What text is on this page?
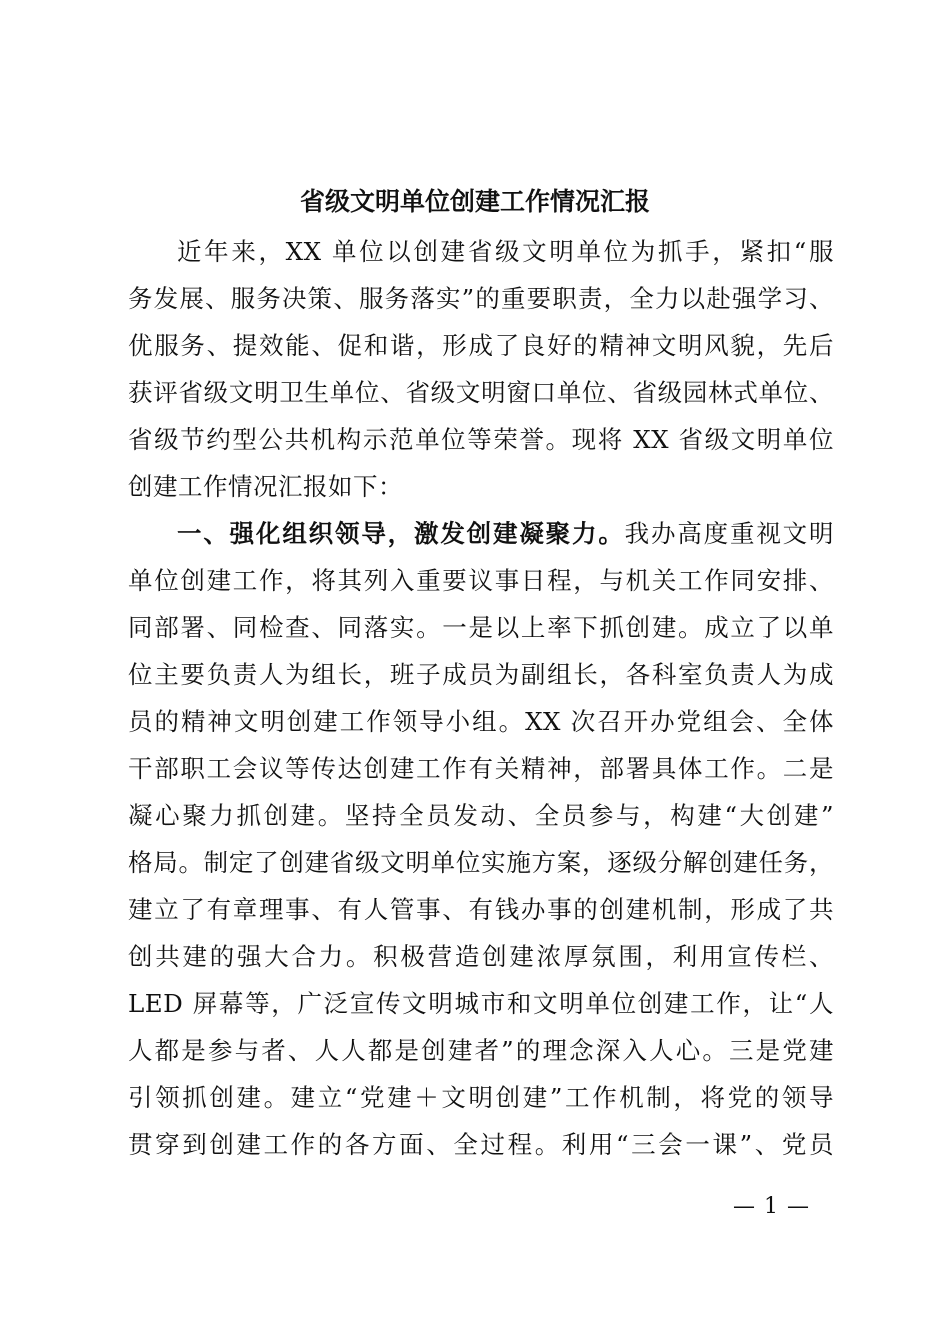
省级文明单位创建工作情况汇报
近年来，XX 单位以创建省级文明单位为抓手，紧扣“服
务发展、服务决策、服务落实”的重要职责，全力以赴强学习、
优服务、提效能、促和谐，形成了良好的精神文明风貌，先后
获评省级文明卫生单位、省级文明窗口单位、省级园林式单位、
省级节约型公共机构示范单位等荣誉。现将 XX 省级文明单位
创建工作情况汇报如下：
一、强化组织领导，激发创建凝聚力。我办高度重视文明
单位创建工作，将其列入重要议事日程，与机关工作同安排、
同部署、同检查、同落实。一是以上率下抓创建。成立了以单
位主要负责人为组长，班子成员为副组长，各科室负责人为成
员的精神文明创建工作领导小组。XX 次召开办党组会、全体
干部职工会议等传达创建工作有关精神，部署具体工作。二是
凝心聚力抓创建。坚持全员发动、全员参与，构建“大创建”
格局。制定了创建省级文明单位实施方案，逐级分解创建任务，
建立了有章理事、有人管事、有钱办事的创建机制，形成了共
创共建的强大合力。积极营造创建浓厚氛围，利用宣传栏、
LED 屏幕等，广泛宣传文明城市和文明单位创建工作，让“人
人都是参与者、人人都是创建者”的理念深入人心。三是党建
引领抓创建。建立“党建＋文明创建”工作机制，将党的领导
贯穿到创建工作的各方面、全过程。利用“三会一课”、党员
— 1 —
